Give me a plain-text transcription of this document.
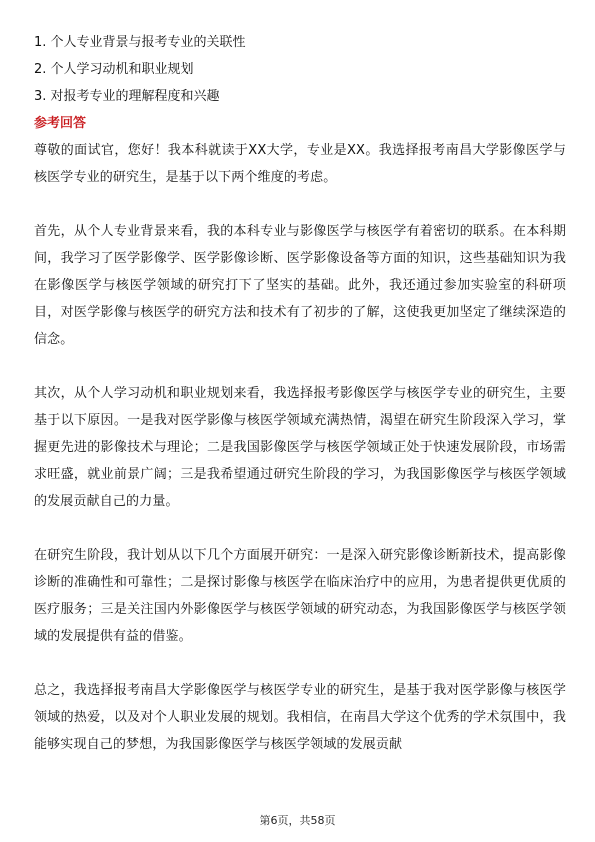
1. 个人专业背景与报考专业的关联性
2. 个人学习动机和职业规划
3. 对报考专业的理解程度和兴趣
参考回答

尊敬的面试官，您好！我本科就读于XX大学，专业是XX。我选择报考南昌大学影像医学与核医学专业的研究生，是基于以下两个维度的考虑。

首先，从个人专业背景来看，我的本科专业与影像医学与核医学有着密切的联系。在本科期间，我学习了医学影像学、医学影像诊断、医学影像设备等方面的知识，这些基础知识为我在影像医学与核医学领域的研究打下了坚实的基础。此外，我还通过参加实验室的科研项目，对医学影像与核医学的研究方法和技术有了初步的了解，这使我更加坚定了继续深造的信念。

其次，从个人学习动机和职业规划来看，我选择报考影像医学与核医学专业的研究生，主要基于以下原因。一是我对医学影像与核医学领域充满热情，渴望在研究生阶段深入学习，掌握更先进的影像技术与理论；二是我国影像医学与核医学领域正处于快速发展阶段，市场需求旺盛，就业前景广阔；三是我希望通过研究生阶段的学习，为我国影像医学与核医学领域的发展贡献自己的力量。

在研究生阶段，我计划从以下几个方面展开研究：一是深入研究影像诊断新技术，提高影像诊断的准确性和可靠性；二是探讨影像与核医学在临床治疗中的应用，为患者提供更优质的医疗服务；三是关注国内外影像医学与核医学领域的研究动态，为我国影像医学与核医学领域的发展提供有益的借鉴。

总之，我选择报考南昌大学影像医学与核医学专业的研究生，是基于我对医学影像与核医学领域的热爱，以及对个人职业发展的规划。我相信，在南昌大学这个优秀的学术氛围中，我能够实现自己的梦想，为我国影像医学与核医学领域的发展贡献

第6页，共58页
